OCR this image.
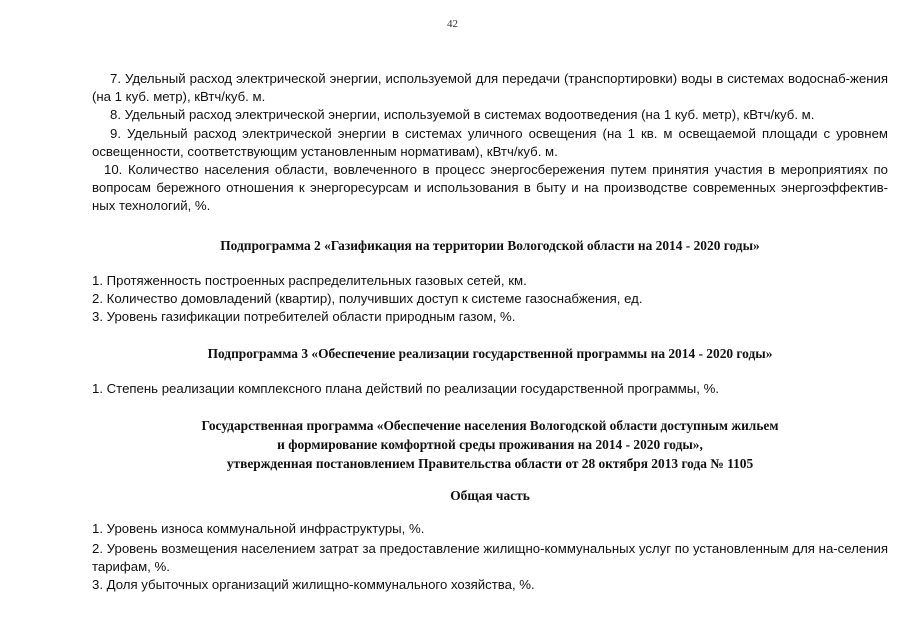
42

7. Удельный расход электрической энергии, используемой для передачи (транспортировки) воды в системах водоснаб-жения (на 1 куб. метр), кВтч/куб. м.

8. Удельный расход электрической энергии, используемой в системах водоотведения (на 1 куб. метр), кВтч/куб. м.

9. Удельный расход электрической энергии в системах уличного освещения (на 1 кв. м освещаемой площади с уровнем освещенности, соответствующим установленным нормативам), кВтч/куб. м.

10. Количество населения области, вовлеченного в процесс энергосбережения путем принятия участия в мероприятиях по вопросам бережного отношения к энергоресурсам и использования в быту и на производстве современных энергоэффектив-ных технологий, %.

Подпрограмма 2 «Газификация на территории Вологодской области на 2014 - 2020 годы»

1. Протяженность построенных распределительных газовых сетей, км.

2. Количество домовладений (квартир), получивших доступ к системе газоснабжения, ед.

3. Уровень газификации потребителей области природным газом, %.

Подпрограмма 3 «Обеспечение реализации государственной программы на 2014 - 2020 годы»

1. Степень реализации комплексного плана действий по реализации государственной программы, %.

Государственная программа «Обеспечение населения Вологодской области доступным жильем
и формирование комфортной среды проживания на 2014 - 2020 годы»,
утвержденная постановлением Правительства области от 28 октября 2013 года № 1105
Общая часть

1. Уровень износа коммунальной инфраструктуры, %.

2. Уровень возмещения населением затрат за предоставление жилищно-коммунальных услуг по установленным для на-селения тарифам, %.

3. Доля убыточных организаций жилищно-коммунального хозяйства, %.
